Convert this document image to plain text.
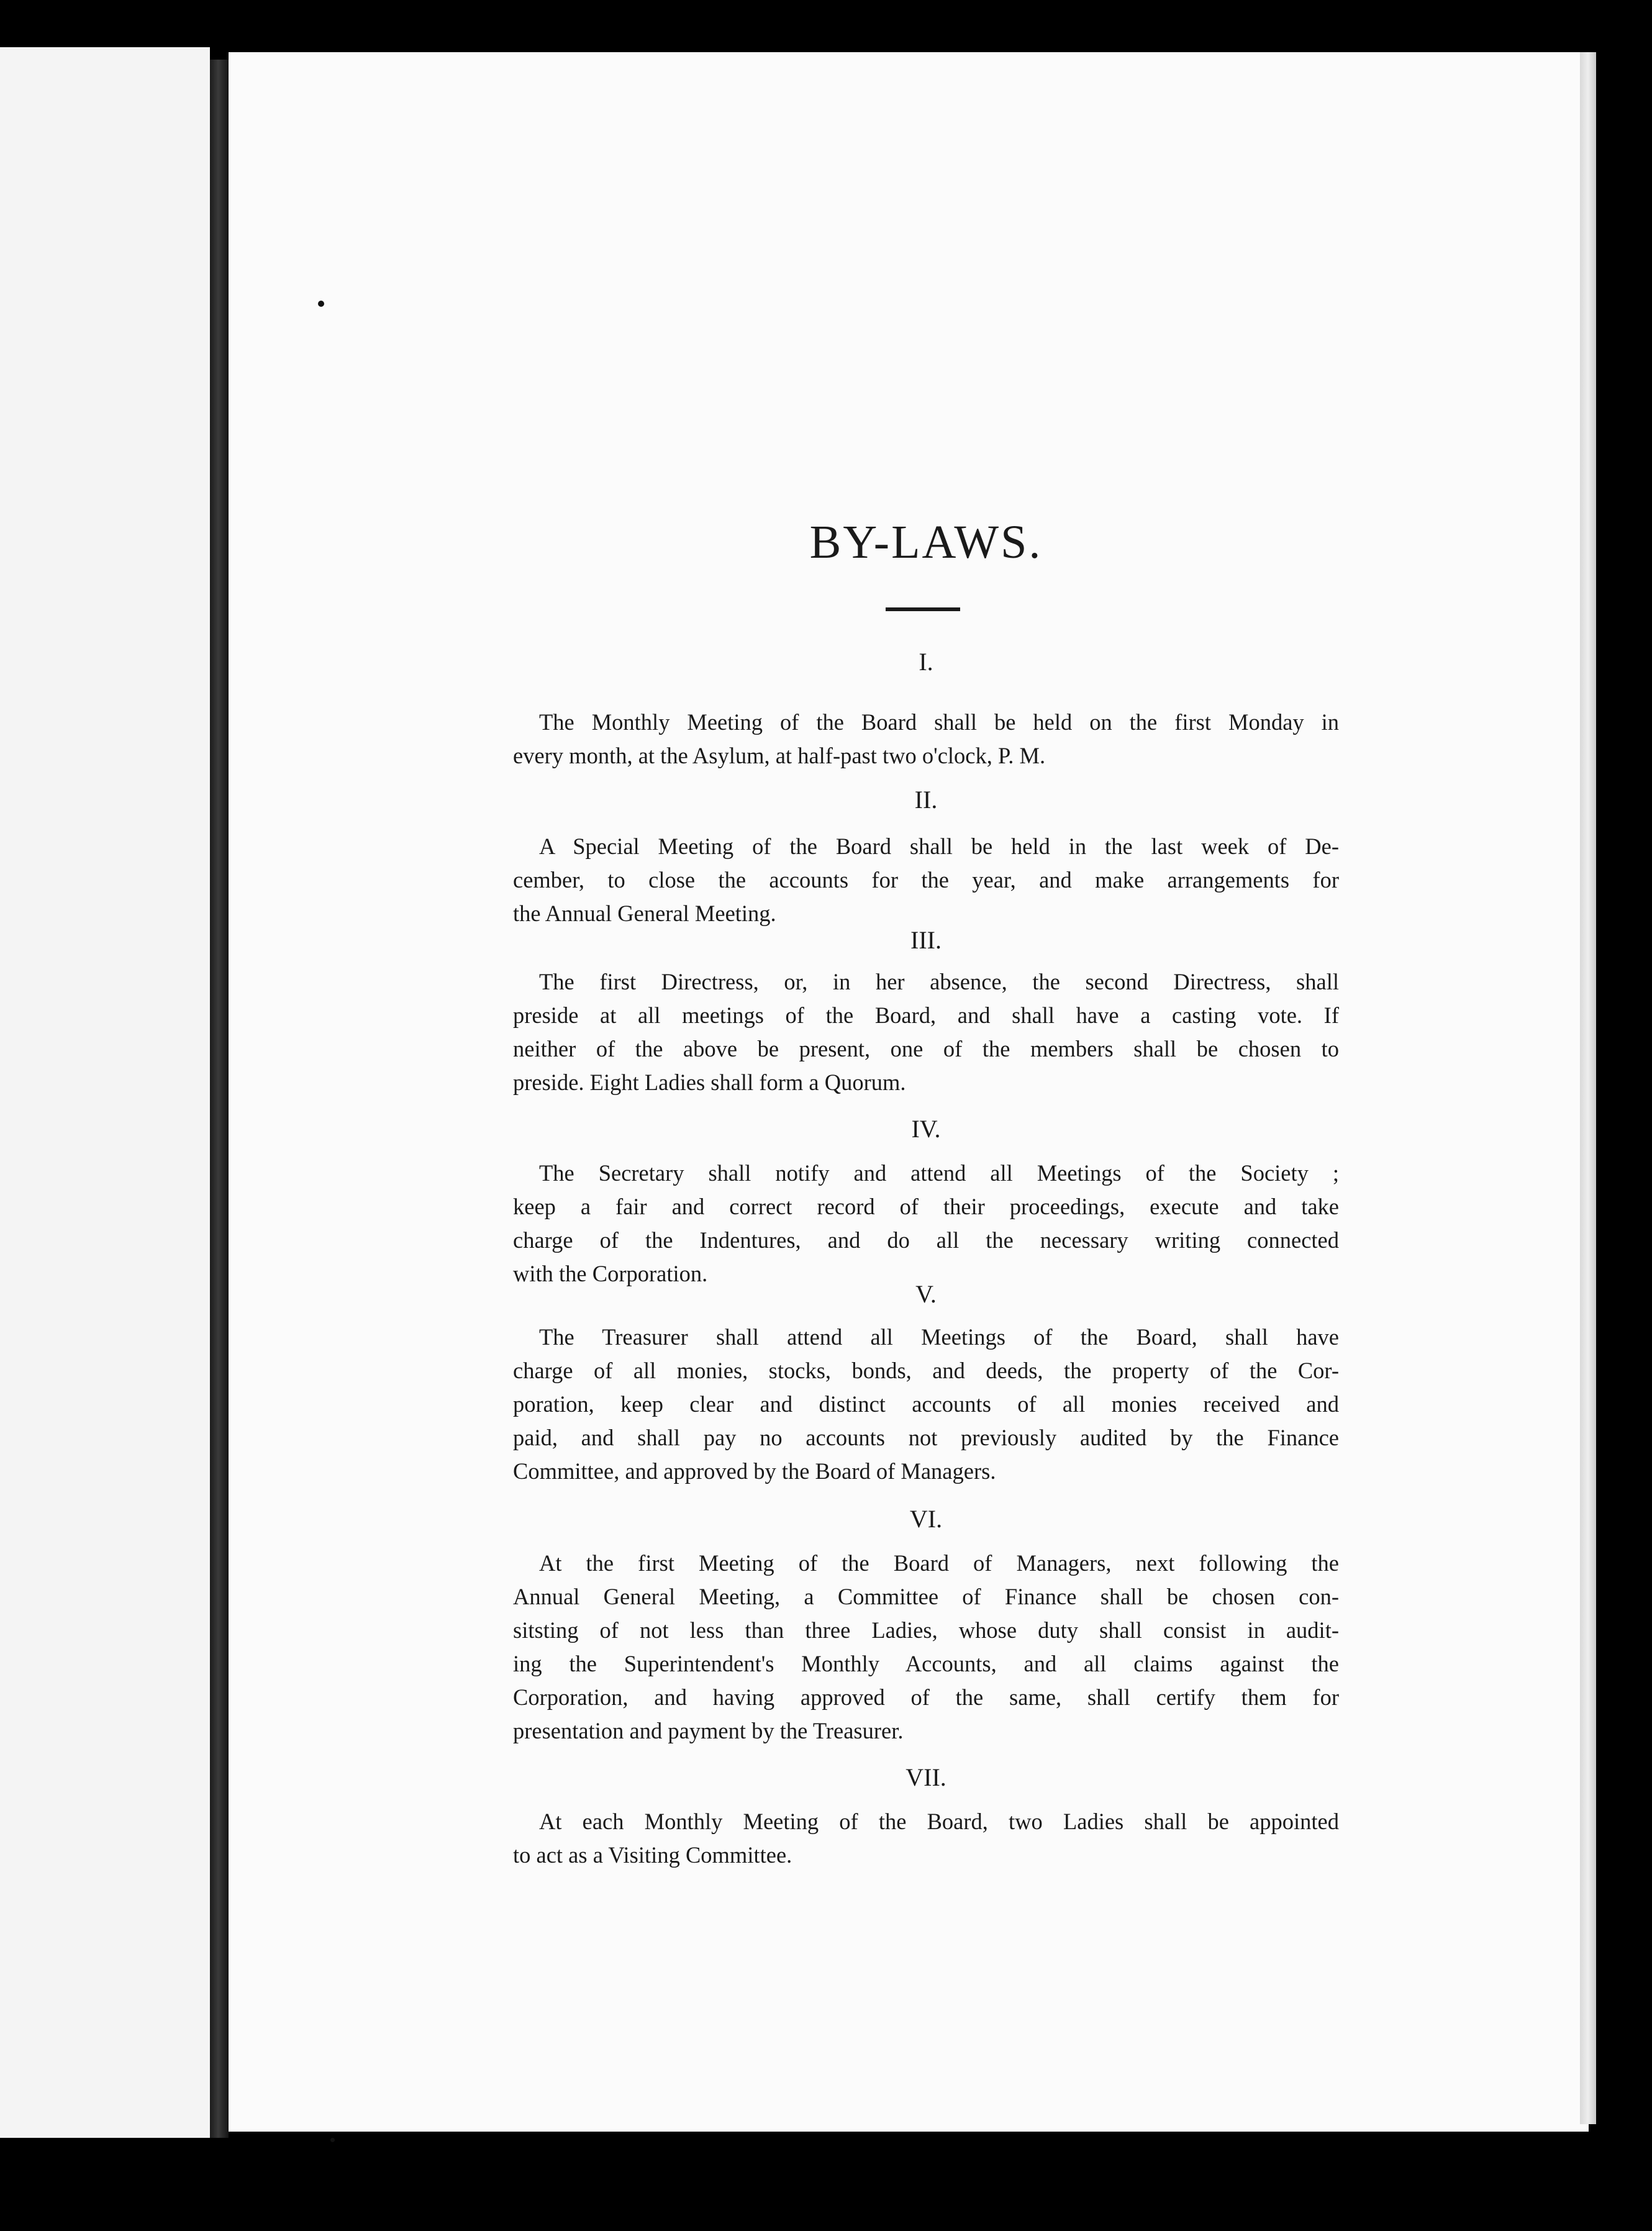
BY-LAWS.
I.
The Monthly Meeting of the Board shall be held on the first Monday in
every month, at the Asylum, at half-past two o'clock, P. M.
II.
A Special Meeting of the Board shall be held in the last week of De-
cember, to close the accounts for the year, and make arrangements for
the Annual General Meeting.
III.
The first Directress, or, in her absence, the second Directress, shall
preside at all meetings of the Board, and shall have a casting vote. If
neither of the above be present, one of the members shall be chosen to
preside. Eight Ladies shall form a Quorum.
IV.
The Secretary shall notify and attend all Meetings of the Society ;
keep a fair and correct record of their proceedings, execute and take
charge of the Indentures, and do all the necessary writing connected
with the Corporation.
V.
The Treasurer shall attend all Meetings of the Board, shall have
charge of all monies, stocks, bonds, and deeds, the property of the Cor-
poration, keep clear and distinct accounts of all monies received and
paid, and shall pay no accounts not previously audited by the Finance
Committee, and approved by the Board of Managers.
VI.
At the first Meeting of the Board of Managers, next following the
Annual General Meeting, a Committee of Finance shall be chosen con-
sitsting of not less than three Ladies, whose duty shall consist in audit-
ing the Superintendent's Monthly Accounts, and all claims against the
Corporation, and having approved of the same, shall certify them for
presentation and payment by the Treasurer.
VII.
At each Monthly Meeting of the Board, two Ladies shall be appointed
to act as a Visiting Committee.
